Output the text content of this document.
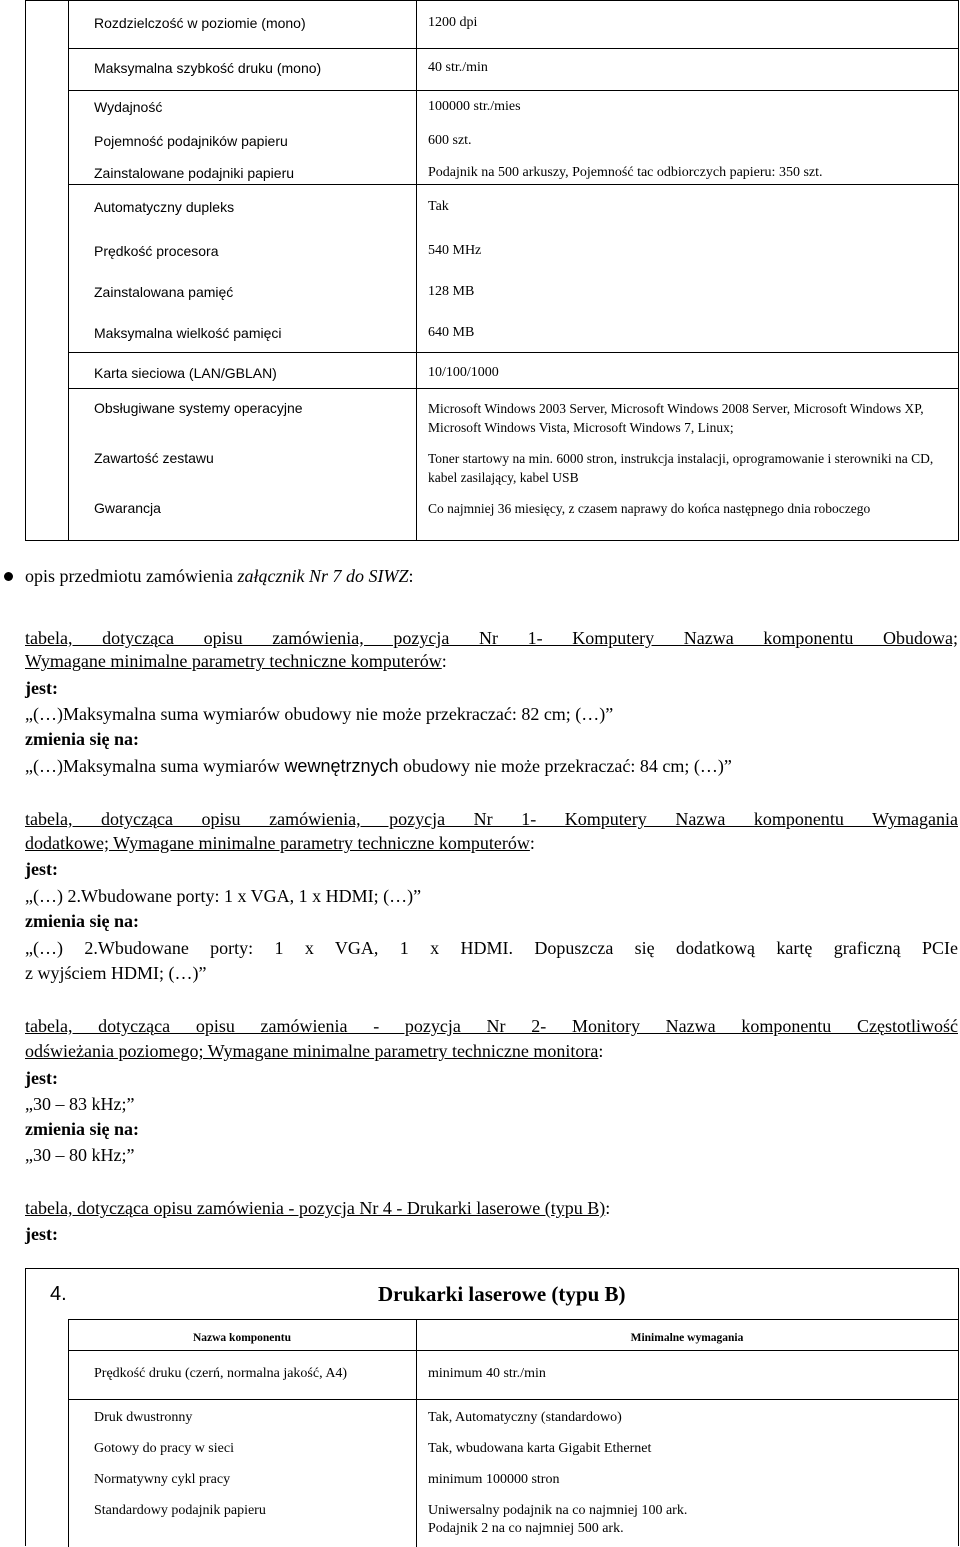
Rozdzielczość w poziomie (mono)	1200 dpi
Maksymalna szybkość druku (mono)	40 str./min
Wydajność	100000 str./mies
Pojemność podajników papieru	600 szt.
Zainstalowane podajniki papieru	Podajnik na 500 arkuszy, Pojemność tac odbiorczych papieru: 350 szt.
Automatyczny dupleks	Tak
Prędkość procesora	540 MHz
Zainstalowana pamięć	128 MB
Maksymalna wielkość pamięci	640 MB
Karta sieciowa (LAN/GBLAN)	10/100/1000
Obsługiwane systemy operacyjne	Microsoft Windows 2003 Server, Microsoft Windows 2008 Server, Microsoft Windows XP, Microsoft Windows Vista, Microsoft Windows 7, Linux;
Zawartość zestawu	Toner startowy na min. 6000 stron, instrukcja instalacji, oprogramowanie i sterowniki na CD, kabel zasilający, kabel USB
Gwarancja	Co najmniej 36 miesięcy, z czasem naprawy do końca następnego dnia roboczego
opis przedmiotu zamówienia załącznik Nr 7 do SIWZ:
tabela, dotycząca opisu zamówienia, pozycja Nr 1- Komputery Nazwa komponentu Obudowa;
Wymagane minimalne parametry techniczne komputerów:
jest:
„(…)Maksymalna suma wymiarów obudowy nie może przekraczać: 82 cm; (…)”
zmienia się na:
„(…)Maksymalna suma wymiarów wewnętrznych obudowy nie może przekraczać: 84 cm; (…)”
tabela, dotycząca opisu zamówienia, pozycja Nr 1- Komputery Nazwa komponentu Wymagania
dodatkowe; Wymagane minimalne parametry techniczne komputerów:
jest:
„(…) 2.Wbudowane porty: 1 x VGA, 1 x HDMI; (…)”
zmienia się na:
„(…) 2.Wbudowane porty: 1 x VGA, 1 x HDMI. Dopuszcza się dodatkową kartę graficzną PCIe
z wyjściem HDMI; (…)”
tabela, dotycząca opisu zamówienia - pozycja Nr 2- Monitory Nazwa komponentu Częstotliwość
odświeżania poziomego; Wymagane minimalne parametry techniczne monitora:
jest:
„30 – 83 kHz;”
zmienia się na:
„30 – 80 kHz;”
tabela, dotycząca opisu zamówienia - pozycja Nr 4 - Drukarki laserowe (typu B):
jest:
4.	Drukarki laserowe (typu B)
Nazwa komponentu	Minimalne wymagania
Prędkość druku (czerń, normalna jakość, A4)	minimum 40 str./min
Druk dwustronny	Tak, Automatyczny (standardowo)
Gotowy do pracy w sieci	Tak, wbudowana karta Gigabit Ethernet
Normatywny cykl pracy	minimum 100000 stron
Standardowy podajnik papieru	Uniwersalny podajnik na co najmniej 100 ark.
Podajnik 2 na co najmniej 500 ark.
